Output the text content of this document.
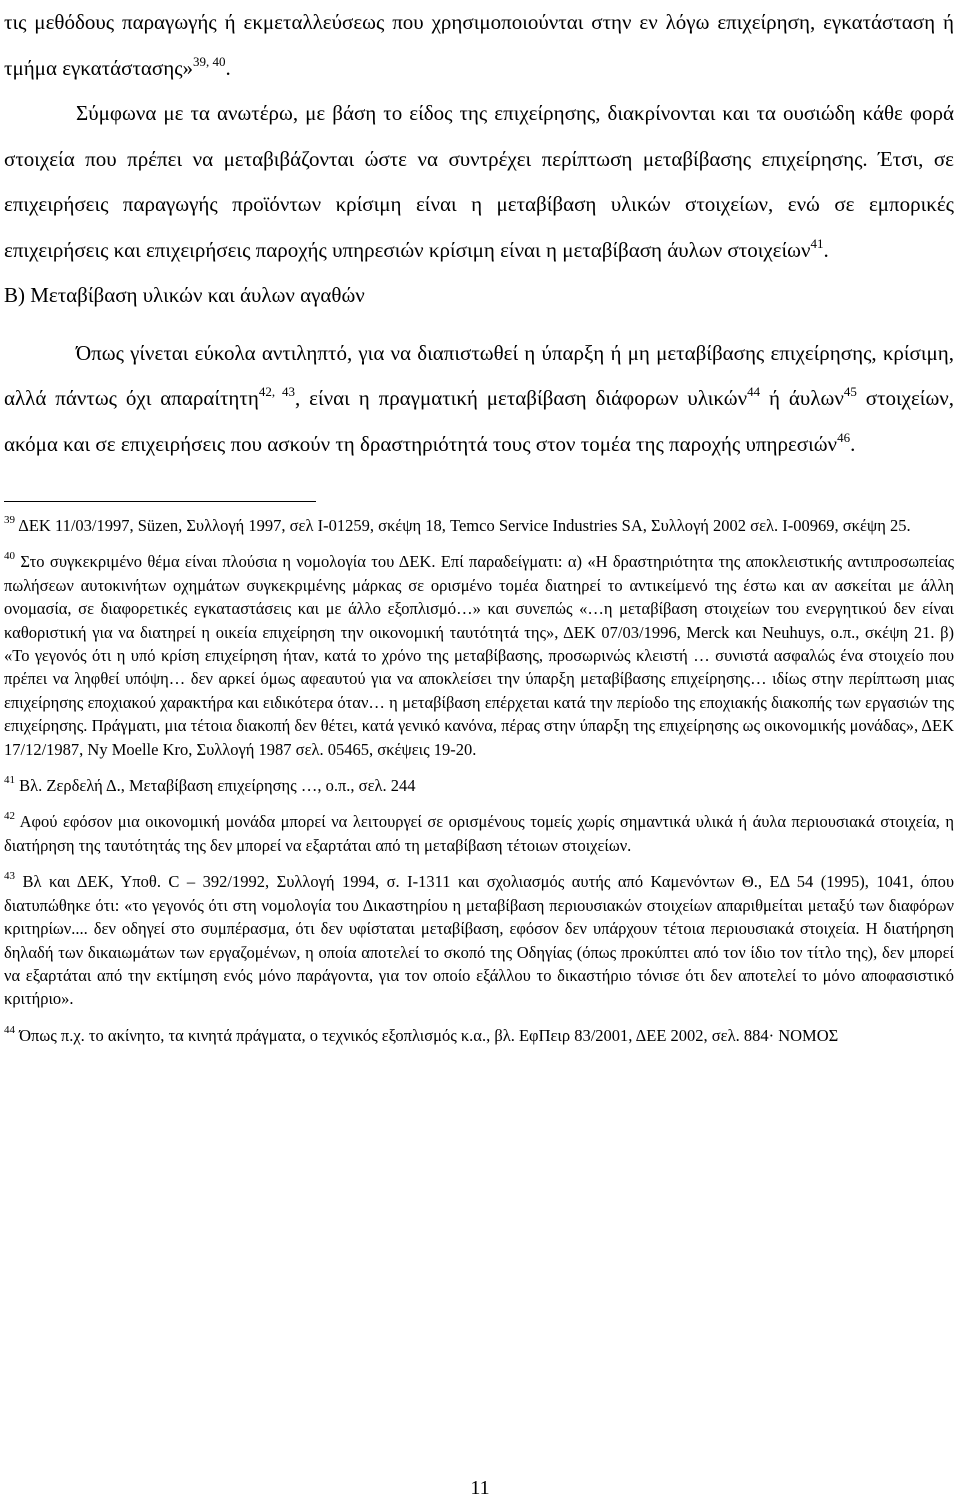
τις μεθόδους παραγωγής ή εκμεταλλεύσεως που χρησιμοποιούνται στην εν λόγω επιχείρηση, εγκατάσταση ή τμήμα εγκατάστασης»$^{39, 40}$.

Σύμφωνα με τα ανωτέρω, με βάση το είδος της επιχείρησης, διακρίνονται και τα ουσιώδη κάθε φορά στοιχεία που πρέπει να μεταβιβάζονται ώστε να συντρέχει περίπτωση μεταβίβασης επιχείρησης. Έτσι, σε επιχειρήσεις παραγωγής προϊόντων κρίσιμη είναι η μεταβίβαση υλικών στοιχείων, ενώ σε εμπορικές επιχειρήσεις και επιχειρήσεις παροχής υπηρεσιών κρίσιμη είναι η μεταβίβαση άυλων στοιχείων$^{41}$.

Β) Μεταβίβαση υλικών και άυλων αγαθών

Όπως γίνεται εύκολα αντιληπτό, για να διαπιστωθεί η ύπαρξη ή μη μεταβίβασης επιχείρησης, κρίσιμη, αλλά πάντως όχι απαραίτητη$^{42, 43}$, είναι η πραγματική μεταβίβαση διάφορων υλικών$^{44}$ ή άυλων$^{45}$ στοιχείων, ακόμα και σε επιχειρήσεις που ασκούν τη δραστηριότητά τους στον τομέα της παροχής υπηρεσιών$^{46}$.

$^{39}$ ΔΕΚ 11/03/1997, Süzen, Συλλογή 1997, σελ I-01259, σκέψη 18, Temco Service Industries SA, Συλλογή 2002 σελ. I-00969, σκέψη 25.

$^{40}$ Στο συγκεκριμένο θέμα είναι πλούσια η νομολογία του ΔΕΚ. Επί παραδείγματι: α) «Η δραστηριότητα της αποκλειστικής αντιπροσωπείας πωλήσεων αυτοκινήτων οχημάτων συγκεκριμένης μάρκας σε ορισμένο τομέα διατηρεί το αντικείμενό της έστω και αν ασκείται με άλλη ονομασία, σε διαφορετικές εγκαταστάσεις και με άλλο εξοπλισμό…» και συνεπώς «…η μεταβίβαση στοιχείων του ενεργητικού δεν είναι καθοριστική για να διατηρεί η οικεία επιχείρηση την οικονομική ταυτότητά της», ΔΕΚ 07/03/1996, Merck και Neuhuys, ο.π., σκέψη 21. β) «Το γεγονός ότι η υπό κρίση επιχείρηση ήταν, κατά το χρόνο της μεταβίβασης, προσωρινώς κλειστή … συνιστά ασφαλώς ένα στοιχείο που πρέπει να ληφθεί υπόψη… δεν αρκεί όμως αφεαυτού για να αποκλείσει την ύπαρξη μεταβίβασης επιχείρησης… ιδίως στην περίπτωση μιας επιχείρησης εποχιακού χαρακτήρα και ειδικότερα όταν… η μεταβίβαση επέρχεται κατά την περίοδο της εποχιακής διακοπής των εργασιών της επιχείρησης. Πράγματι, μια τέτοια διακοπή δεν θέτει, κατά γενικό κανόνα, πέρας στην ύπαρξη της επιχείρησης ως οικονομικής μονάδας», ΔΕΚ 17/12/1987, Ny Moelle Kro, Συλλογή 1987 σελ. 05465, σκέψεις 19-20.

$^{41}$ Βλ. Ζερδελή Δ., Μεταβίβαση επιχείρησης …, ο.π., σελ. 244

$^{42}$ Αφού εφόσον μια οικονομική μονάδα μπορεί να λειτουργεί σε ορισμένους τομείς χωρίς σημαντικά υλικά ή άυλα περιουσιακά στοιχεία, η διατήρηση της ταυτότητάς της δεν μπορεί να εξαρτάται από τη μεταβίβαση τέτοιων στοιχείων.

$^{43}$ Βλ και ΔΕΚ, Υποθ. C – 392/1992, Συλλογή 1994, σ. I-1311 και σχολιασμός αυτής από Καμενόντων Θ., ΕΔ 54 (1995), 1041, όπου διατυπώθηκε ότι: «το γεγονός ότι στη νομολογία του Δικαστηρίου η μεταβίβαση περιουσιακών στοιχείων απαριθμείται μεταξύ των διαφόρων κριτηρίων.... δεν οδηγεί στο συμπέρασμα, ότι δεν υφίσταται μεταβίβαση, εφόσον δεν υπάρχουν τέτοια περιουσιακά στοιχεία. Η διατήρηση δηλαδή των δικαιωμάτων των εργαζομένων, η οποία αποτελεί το σκοπό της Οδηγίας (όπως προκύπτει από τον ίδιο τον τίτλο της), δεν μπορεί να εξαρτάται από την εκτίμηση ενός μόνο παράγοντα, για τον οποίο εξάλλου το δικαστήριο τόνισε ότι δεν αποτελεί το μόνο αποφασιστικό κριτήριο».

$^{44}$ Όπως π.χ. το ακίνητο, τα κινητά πράγματα, ο τεχνικός εξοπλισμός κ.α., βλ. ΕφΠειρ 83/2001, ΔΕΕ 2002, σελ. 884· ΝΟΜΟΣ

11
